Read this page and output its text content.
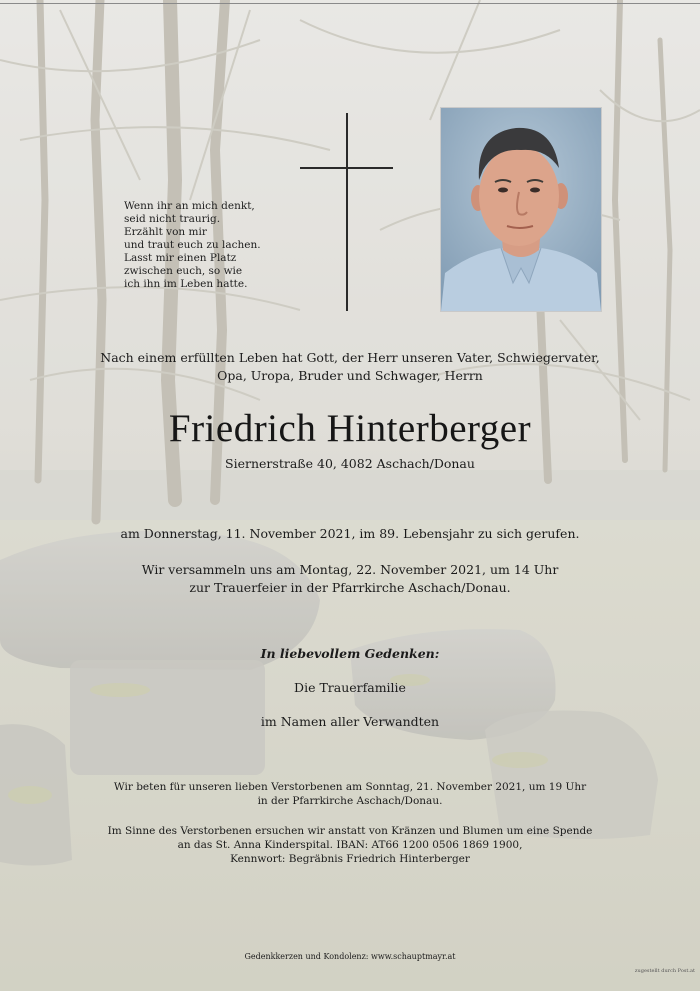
Wenn ihr an mich denkt,
seid nicht traurig.
Erzählt von mir
und traut euch zu lachen.
Lasst mir einen Platz
zwischen euch, so wie
ich ihn im Leben hatte.
Nach einem erfüllten Leben hat Gott, der Herr unseren Vater, Schwiegervater,
Opa, Uropa, Bruder und Schwager, Herrn
Friedrich Hinterberger
Siernerstraße 40, 4082 Aschach/Donau
am Donnerstag, 11. November 2021, im 89. Lebensjahr zu sich gerufen.
Wir versammeln uns am Montag, 22. November 2021, um 14 Uhr
zur Trauerfeier in der Pfarrkirche Aschach/Donau.
In liebevollem Gedenken:
Die Trauerfamilie
im Namen aller Verwandten
Wir beten für unseren lieben Verstorbenen am Sonntag, 21. November 2021, um 19 Uhr
in der Pfarrkirche Aschach/Donau.
Im Sinne des Verstorbenen ersuchen wir anstatt von Kränzen und Blumen um eine Spende
an das St. Anna Kinderspital. IBAN: AT66 1200 0506 1869 1900,
Kennwort: Begräbnis Friedrich Hinterberger
Gedenkkerzen und Kondolenz: www.schauptmayr.at
zugestellt durch Post.at
